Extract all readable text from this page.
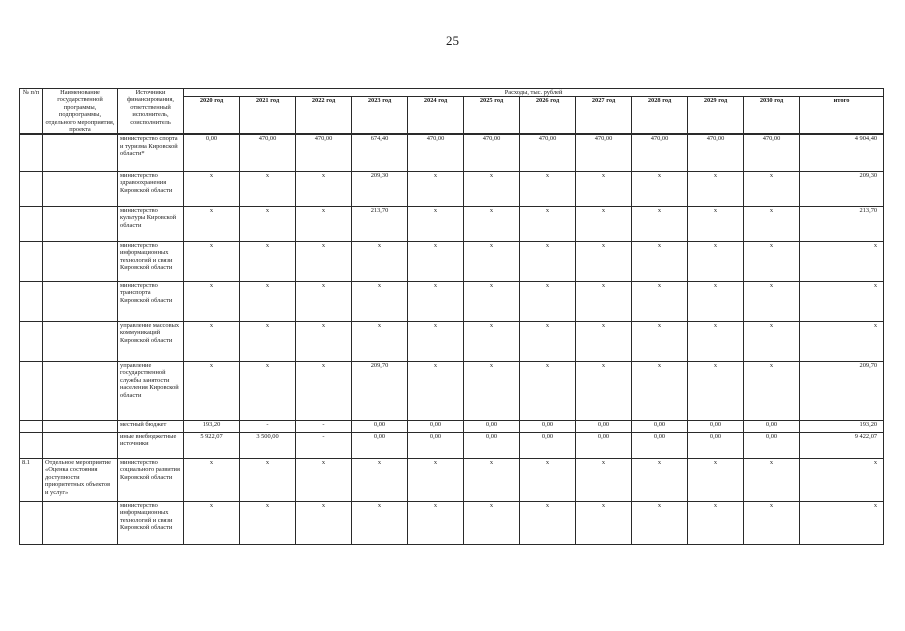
25
№ п/п	Наименование государственной программы, подпрограммы, отдельного мероприятия, проекта	Источники финансирования, ответственный исполнитель, соисполнитель	Расходы, тыс. рублей											
			2020 год	2021 год	2022 год	2023 год	2024 год	2025 год	2026 год	2027 год	2028 год	2029 год	2030 год	итого
		министерство спорта и туризма Кировской области*	0,00	470,00	470,00	674,40	470,00	470,00	470,00	470,00	470,00	470,00	470,00	4 904,40
		министерство здравоохранения Кировской области	x	x	x	209,30	x	x	x	x	x	x	x	209,30
		министерство культуры Кировской области	x	x	x	213,70	x	x	x	x	x	x	x	213,70
		министерство информационных технологий и связи Кировской области	x	x	x	x	x	x	x	x	x	x	x	x
		министерство транспорта Кировской области	x	x	x	x	x	x	x	x	x	x	x	x
		управление массовых коммуникаций Кировской области	x	x	x	x	x	x	x	x	x	x	x	x
		управление государственной службы занятости населения Кировской области	x	x	x	209,70	x	x	x	x	x	x	x	209,70
		местный бюджет	193,20	-	-	0,00	0,00	0,00	0,00	0,00	0,00	0,00	0,00	193,20
		иные внебюджетные источники	5 922,07	3 500,00	-	0,00	0,00	0,00	0,00	0,00	0,00	0,00	0,00	9 422,07
8.1	Отдельное мероприятие «Оценка состояния доступности приоритетных объектов и услуг»	министерство социального развития Кировской области	x	x	x	x	x	x	x	x	x	x	x	x
		министерство информационных технологий и связи Кировской области	x	x	x	x	x	x	x	x	x	x	x	x
